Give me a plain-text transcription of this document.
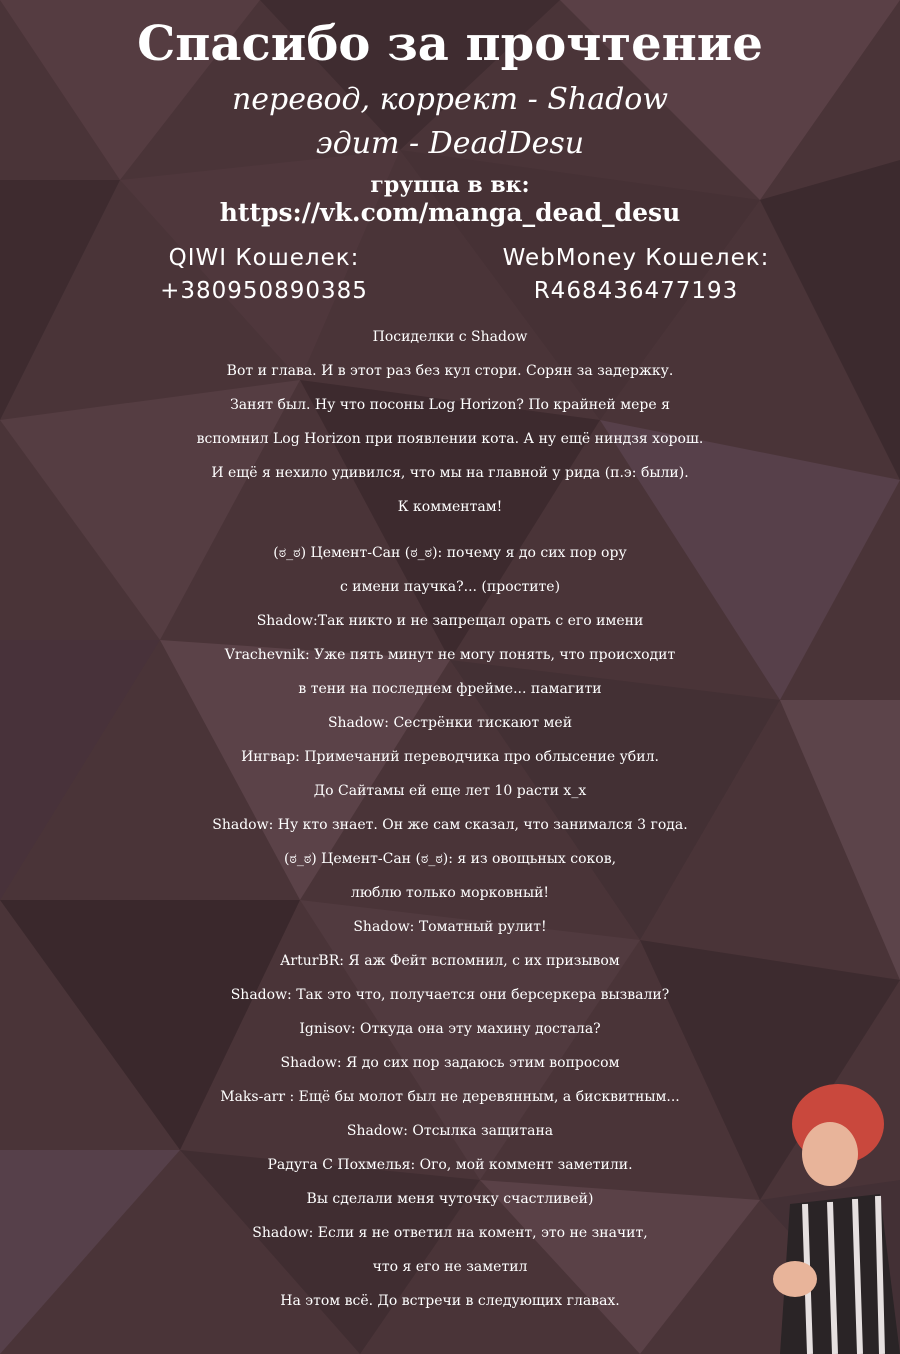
Спасибо за прочтение
перевод, коррект - Shadow
эдит - DeadDesu
группа в вк:
https://vk.com/manga_dead_desu
QIWI Кошелек:
+380950890385
WebMoney Кошелек:
R468436477193
Посиделки с Shadow
Вот и глава. И в этот раз без кул стори. Сорян за задержку.
Занят был. Ну что посоны Log Horizon? По крайней мере я
вспомнил Log Horizon при появлении кота. А ну ещё ниндзя хорош.
И ещё я нехило удивился, что мы на главной у рида (п.э: были).
К комментам!
(ಠ_ಠ) Цемент-Сан (ಠ_ಠ): почему я до сих пор ору
с имени паучка?... (простите)
Shadow:Так никто и не запрещал орать с его имени
Vrachevnik: Уже пять минут не могу понять, что происходит
в тени на последнем фрейме... памагити
Shadow: Сестрёнки тискают мей
Ингвар: Примечаний переводчика про облысение убил.
До Сайтамы ей еще лет 10 расти x_x
Shadow: Ну кто знает. Он же сам сказал, что занимался 3 года.
(ಠ_ಠ) Цемент-Сан (ಠ_ಠ): я из овощьных соков,
люблю только морковный!
Shadow: Томатный рулит!
ArturBR: Я аж Фейт вспомнил, с их призывом
Shadow: Так это что, получается они берсеркера вызвали?
Ignisov: Откуда она эту махину достала?
Shadow: Я до сих пор задаюсь этим вопросом
Maks-arr : Ещё бы молот был не деревянным, а бисквитным...
Shadow: Отсылка защитана
Радуга С Похмелья: Ого, мой коммент заметили.
Вы сделали меня чуточку счастливей)
Shadow: Если я не ответил на комент, это не значит,
что я его не заметил
На этом всё. До встречи в следующих главах.
